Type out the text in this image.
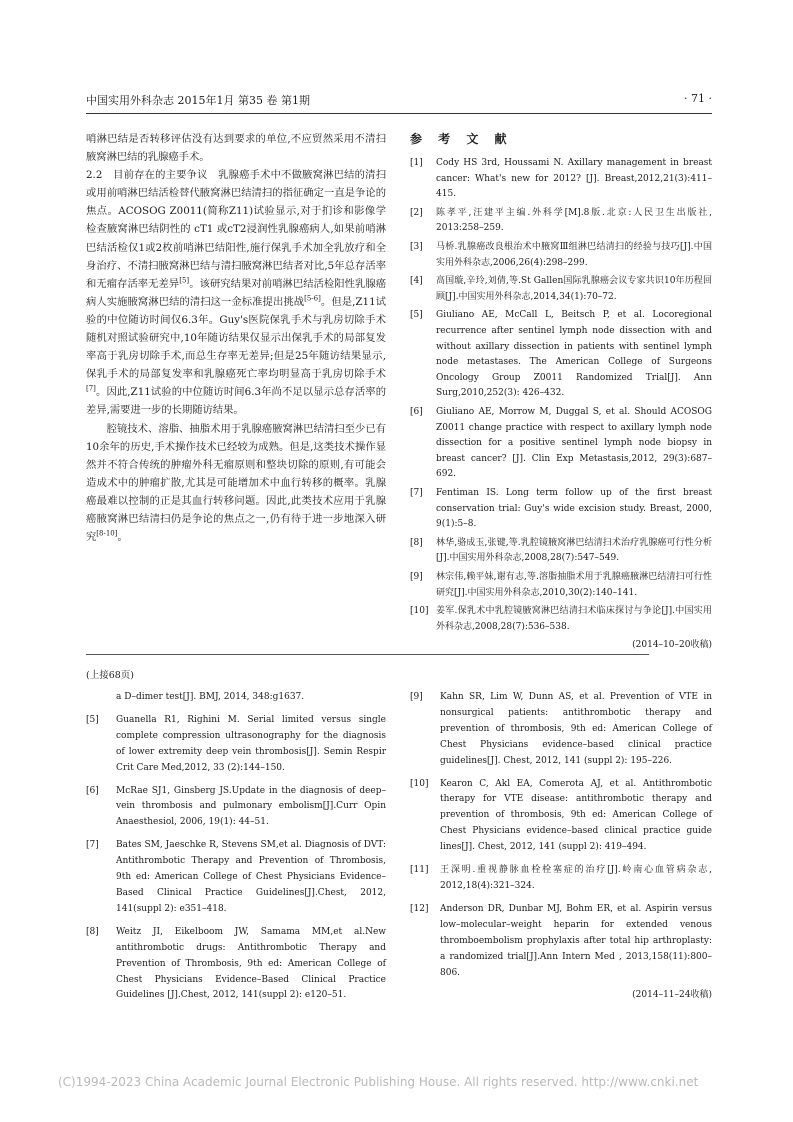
中国实用外科杂志 2015年1月 第35 卷 第1期	· 71 ·

哨淋巴结是否转移评估没有达到要求的单位,不应贸然采用不清扫腋窝淋巴结的乳腺癌手术。

2.2　目前存在的主要争议　乳腺癌手术中不做腋窝淋巴结的清扫或用前哨淋巴结活检替代腋窝淋巴结清扫的指征确定一直是争论的焦点。ACOSOG Z0011(简称Z11)试验显示,对于扪诊和影像学检查腋窝淋巴结阴性的 cT1 或cT2浸润性乳腺癌病人,如果前哨淋巴结活检仅1或2枚前哨淋巴结阳性,施行保乳手术加全乳放疗和全身治疗、不清扫腋窝淋巴结与清扫腋窝淋巴结者对比,5年总存活率和无瘤存活率无差异[5]。该研究结果对前哨淋巴结活检阳性乳腺癌病人实施腋窝淋巴结的清扫这一金标准提出挑战[5-6]。但是,Z11试验的中位随访时间仅6.3年。Guy's医院保乳手术与乳房切除手术随机对照试验研究中,10年随访结果仅显示出保乳手术的局部复发率高于乳房切除手术,而总生存率无差异;但是25年随访结果显示,保乳手术的局部复发率和乳腺癌死亡率均明显高于乳房切除手术[7]。因此,Z11试验的中位随访时间6.3年尚不足以显示总存活率的差异,需要进一步的长期随访结果。

腔镜技术、溶脂、抽脂术用于乳腺癌腋窝淋巴结清扫至少已有10余年的历史,手术操作技术已经较为成熟。但是,这类技术操作显然并不符合传统的肿瘤外科无瘤原则和整块切除的原则,有可能会造成术中的肿瘤扩散,尤其是可能增加术中血行转移的概率。乳腺癌最难以控制的正是其血行转移问题。因此,此类技术应用于乳腺癌腋窝淋巴结清扫仍是争论的焦点之一,仍有待于进一步地深入研究[8-10]。

参 考 文 献
[1] Cody HS 3rd, Houssami N. Axillary management in breast cancer: What's new for 2012? [J]. Breast,2012,21(3):411–415.
[2] 陈孝平,汪建平主编.外科学[M].8版.北京:人民卫生出版社, 2013:258–259.
[3] 马桥.乳腺癌改良根治术中腋窝Ⅲ组淋巴结清扫的经验与技巧[J].中国实用外科杂志,2006,26(4):298–299.
[4] 高国璇,辛玲,刘倩,等.St Gallen国际乳腺癌会议专家共识10年历程回顾[J].中国实用外科杂志,2014,34(1):70–72.
[5] Giuliano AE, McCall L, Beitsch P, et al. Locoregional recurrence after sentinel lymph node dissection with and without axillary dissection in patients with sentinel lymph node metastases. The American College of Surgeons Oncology Group Z0011 Randomized Trial[J]. Ann Surg,2010,252(3): 426–432.
[6] Giuliano AE, Morrow M, Duggal S, et al. Should ACOSOG Z0011 change practice with respect to axillary lymph node dissection for a positive sentinel lymph node biopsy in breast cancer? [J]. Clin Exp Metastasis,2012, 29(3):687–692.
[7] Fentiman IS. Long term follow up of the first breast conservation trial: Guy's wide excision study. Breast, 2000, 9(1):5–8.
[8] 林华,骆成玉,张键,等.乳腔镜腋窝淋巴结清扫术治疗乳腺癌可行性分析[J].中国实用外科杂志,2008,28(7):547–549.
[9] 林宗伟,赖平妹,谢有志,等.溶脂抽脂术用于乳腺癌腋淋巴结清扫可行性研究[J].中国实用外科杂志,2010,30(2):140–141.
[10] 姜军.保乳术中乳腔镜腋窝淋巴结清扫术临床探讨与争论[J].中国实用外科杂志,2008,28(7):536–538.
(2014–10–20收稿)
(上接68页)
a D–dimer test[J]. BMJ, 2014, 348:g1637.
[5] Guanella R1, Righini M. Serial limited versus single complete compression ultrasonography for the diagnosis of lower extremity deep vein thrombosis[J]. Semin Respir Crit Care Med,2012, 33 (2):144–150.
[6] McRae SJ1, Ginsberg JS.Update in the diagnosis of deep–vein thrombosis and pulmonary embolism[J].Curr Opin Anaesthesiol, 2006, 19(1): 44–51.
[7] Bates SM, Jaeschke R, Stevens SM,et al. Diagnosis of DVT: Antithrombotic Therapy and Prevention of Thrombosis, 9th ed: American College of Chest Physicians Evidence–Based Clinical Practice Guidelines[J].Chest, 2012, 141(suppl 2): e351–418.
[8] Weitz JI, Eikelboom JW, Samama MM,et al.New antithrombotic drugs: Antithrombotic Therapy and Prevention of Thrombosis, 9th ed: American College of Chest Physicians Evidence–Based Clinical Practice Guidelines [J].Chest, 2012, 141(suppl 2): e120–51.
[9] Kahn SR, Lim W, Dunn AS, et al. Prevention of VTE in nonsurgical patients: antithrombotic therapy and prevention of thrombosis, 9th ed: American College of Chest Physicians evidence–based clinical practice guidelines[J]. Chest, 2012, 141 (suppl 2): 195–226.
[10] Kearon C, Akl EA, Comerota AJ, et al. Antithrombotic therapy for VTE disease: antithrombotic therapy and prevention of thrombosis, 9th ed: American College of Chest Physicians evidence–based clinical practice guide lines[J]. Chest, 2012, 141 (suppl 2): 419–494.
[11] 王深明.重视静脉血栓栓塞症的治疗[J].岭南心血管病杂志, 2012,18(4):321–324.
[12] Anderson DR, Dunbar MJ, Bohm ER, et al. Aspirin versus low–molecular–weight heparin for extended venous thromboembolism prophylaxis after total hip arthroplasty: a randomized trial[J].Ann Intern Med , 2013,158(11):800–806.
(2014–11–24收稿)
(C)1994-2023 China Academic Journal Electronic Publishing House. All rights reserved. http://www.cnki.net
